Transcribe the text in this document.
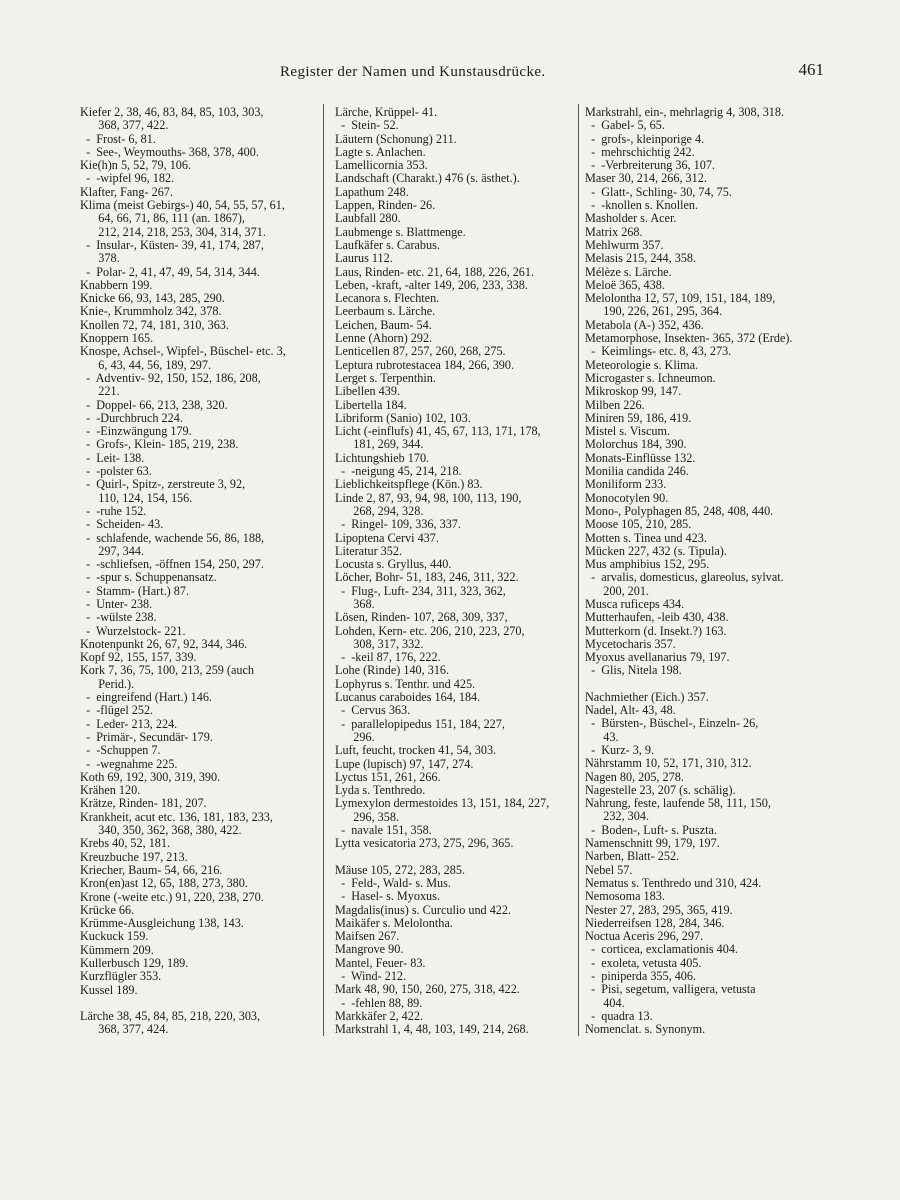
Register der Namen und Kunstausdrücke.	461
Kiefer 2, 38, 46, 83, 84, 85, 103, 303,
368, 377, 422.
-  Frost- 6, 81.
-  See-, Weymouths- 368, 378, 400.
Kie(h)n 5, 52, 79, 106.
-  -wipfel 96, 182.
Klafter, Fang- 267.
Klima (meist Gebirgs-) 40, 54, 55, 57, 61,
64, 66, 71, 86, 111 (an. 1867),
212, 214, 218, 253, 304, 314, 371.
-  Insular-, Küsten- 39, 41, 174, 287,
378.
-  Polar- 2, 41, 47, 49, 54, 314, 344.
Knabbern 199.
Knicke 66, 93, 143, 285, 290.
Knie-, Krummholz 342, 378.
Knollen 72, 74, 181, 310, 363.
Knoppern 165.
Knospe, Achsel-, Wipfel-, Büschel- etc. 3,
6, 43, 44, 56, 189, 297.
-  Adventiv- 92, 150, 152, 186, 208,
221.
-  Doppel- 66, 213, 238, 320.
-  -Durchbruch 224.
-  -Einzwängung 179.
-  Grofs-, Klein- 185, 219, 238.
-  Leit- 138.
-  -polster 63.
-  Quirl-, Spitz-, zerstreute 3, 92,
110, 124, 154, 156.
-  -ruhe 152.
-  Scheiden- 43.
-  schlafende, wachende 56, 86, 188,
297, 344.
-  -schliefsen, -öffnen 154, 250, 297.
-  -spur s. Schuppenansatz.
-  Stamm- (Hart.) 87.
-  Unter- 238.
-  -wülste 238.
-  Wurzelstock- 221.
Knotenpunkt 26, 67, 92, 344, 346.
Kopf 92, 155, 157, 339.
Kork 7, 36, 75, 100, 213, 259 (auch
Perid.).
-  eingreifend (Hart.) 146.
-  -flügel 252.
-  Leder- 213, 224.
-  Primär-, Secundär- 179.
-  -Schuppen 7.
-  -wegnahme 225.
Koth 69, 192, 300, 319, 390.
Krähen 120.
Krätze, Rinden- 181, 207.
Krankheit, acut etc. 136, 181, 183, 233,
340, 350, 362, 368, 380, 422.
Krebs 40, 52, 181.
Kreuzbuche 197, 213.
Kriecher, Baum- 54, 66, 216.
Kron(en)ast 12, 65, 188, 273, 380.
Krone (-weite etc.) 91, 220, 238, 270.
Krücke 66.
Krümme-Ausgleichung 138, 143.
Kuckuck 159.
Kümmern 209.
Kullerbusch 129, 189.
Kurzflügler 353.
Kussel 189.
Lärche 38, 45, 84, 85, 218, 220, 303,
368, 377, 424.
Lärche, Krüppel- 41.
-  Stein- 52.
Läutern (Schonung) 211.
Lagte s. Anlachen.
Lamellicornia 353.
Landschaft (Charakt.) 476 (s. ästhet.).
Lapathum 248.
Lappen, Rinden- 26.
Laubfall 280.
Laubmenge s. Blattmenge.
Laufkäfer s. Carabus.
Laurus 112.
Laus, Rinden- etc. 21, 64, 188, 226, 261.
Leben, -kraft, -alter 149, 206, 233, 338.
Lecanora s. Flechten.
Leerbaum s. Lärche.
Leichen, Baum- 54.
Lenne (Ahorn) 292.
Lenticellen 87, 257, 260, 268, 275.
Leptura rubrotestacea 184, 266, 390.
Lerget s. Terpenthin.
Libellen 439.
Libertella 184.
Libriform (Sanio) 102, 103.
Licht (-einflufs) 41, 45, 67, 113, 171, 178,
181, 269, 344.
Lichtungshieb 170.
-  -neigung 45, 214, 218.
Lieblichkeitspflege (Kön.) 83.
Linde 2, 87, 93, 94, 98, 100, 113, 190,
268, 294, 328.
-  Ringel- 109, 336, 337.
Lipoptena Cervi 437.
Literatur 352.
Locusta s. Gryllus, 440.
Löcher, Bohr- 51, 183, 246, 311, 322.
-  Flug-, Luft- 234, 311, 323, 362,
368.
Lösen, Rinden- 107, 268, 309, 337,
Lohden, Kern- etc. 206, 210, 223, 270,
308, 317, 332.
-  -keil 87, 176, 222.
Lohe (Rinde) 140, 316.
Lophyrus s. Tenthr. und 425.
Lucanus caraboides 164, 184.
-  Cervus 363.
-  parallelopipedus 151, 184, 227,
296.
Luft, feucht, trocken 41, 54, 303.
Lupe (lupisch) 97, 147, 274.
Lyctus 151, 261, 266.
Lyda s. Tenthredo.
Lymexylon dermestoides 13, 151, 184, 227,
296, 358.
-  navale 151, 358.
Lytta vesicatoria 273, 275, 296, 365.
Mäuse 105, 272, 283, 285.
-  Feld-, Wald- s. Mus.
-  Hasel- s. Myoxus.
Magdalis(inus) s. Curculio und 422.
Maikäfer s. Melolontha.
Maifsen 267.
Mangrove 90.
Mantel, Feuer- 83.
-  Wind- 212.
Mark 48, 90, 150, 260, 275, 318, 422.
-  -fehlen 88, 89.
Markkäfer 2, 422.
Markstrahl 1, 4, 48, 103, 149, 214, 268.
Markstrahl, ein-, mehrlagrig 4, 308, 318.
-  Gabel- 5, 65.
-  grofs-, kleinporige 4.
-  mehrschichtig 242.
-  -Verbreiterung 36, 107.
Maser 30, 214, 266, 312.
-  Glatt-, Schling- 30, 74, 75.
-  -knollen s. Knollen.
Masholder s. Acer.
Matrix 268.
Mehlwurm 357.
Melasis 215, 244, 358.
Mélèze s. Lärche.
Meloë 365, 438.
Melolontha 12, 57, 109, 151, 184, 189,
190, 226, 261, 295, 364.
Metabola (A-) 352, 436.
Metamorphose, Insekten- 365, 372 (Erde).
-  Keimlings- etc. 8, 43, 273.
Meteorologie s. Klima.
Microgaster s. Ichneumon.
Mikroskop 99, 147.
Milben 226.
Miniren 59, 186, 419.
Mistel s. Viscum.
Molorchus 184, 390.
Monats-Einflüsse 132.
Monilia candida 246.
Moniliform 233.
Monocotylen 90.
Mono-, Polyphagen 85, 248, 408, 440.
Moose 105, 210, 285.
Motten s. Tinea und 423.
Mücken 227, 432 (s. Tipula).
Mus amphibius 152, 295.
-  arvalis, domesticus, glareolus, sylvat.
200, 201.
Musca ruficeps 434.
Mutterhaufen, -leib 430, 438.
Mutterkorn (d. Insekt.?) 163.
Mycetocharis 357.
Myoxus avellanarius 79, 197.
-  Glis, Nitela 198.
Nachmiether (Eich.) 357.
Nadel, Alt- 43, 48.
-  Bürsten-, Büschel-, Einzeln- 26,
43.
-  Kurz- 3, 9.
Nährstamm 10, 52, 171, 310, 312.
Nagen 80, 205, 278.
Nagestelle 23, 207 (s. schälig).
Nahrung, feste, laufende 58, 111, 150,
232, 304.
-  Boden-, Luft- s. Puszta.
Namenschnitt 99, 179, 197.
Narben, Blatt- 252.
Nebel 57.
Nematus s. Tenthredo und 310, 424.
Nemosoma 183.
Nester 27, 283, 295, 365, 419.
Niederreifsen 128, 284, 346.
Noctua Aceris 296, 297.
-  corticea, exclamationis 404.
-  exoleta, vetusta 405.
-  piniperda 355, 406.
-  Pisi, segetum, valligera, vetusta
404.
-  quadra 13.
Nomenclat. s. Synonym.
